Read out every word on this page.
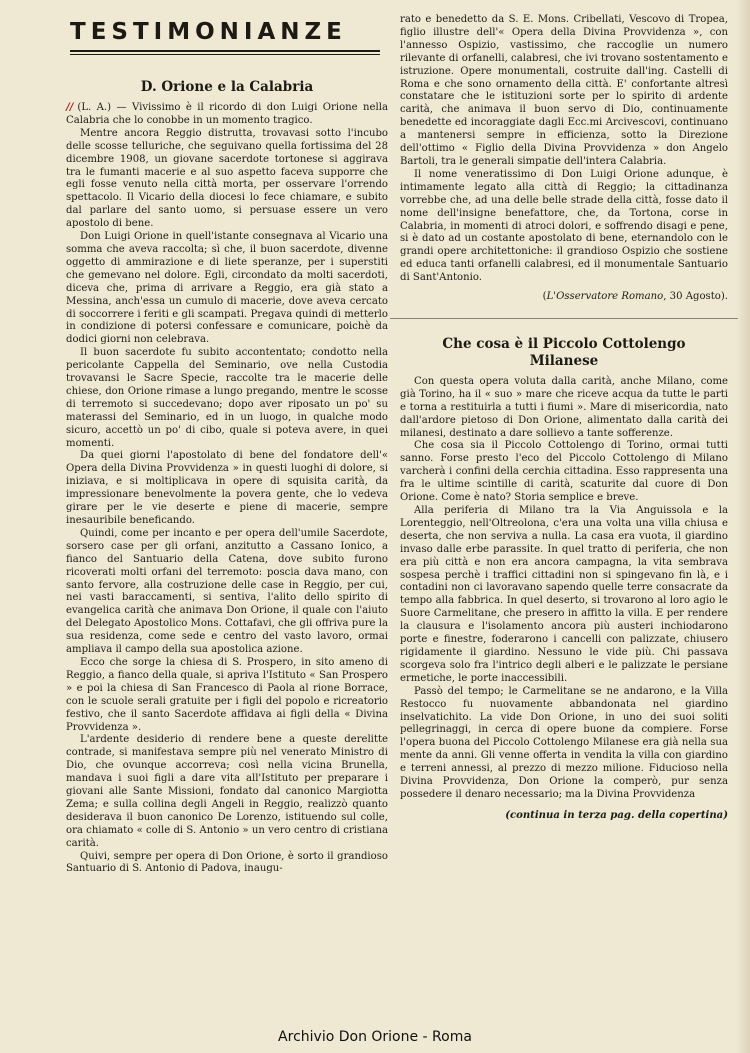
TESTIMONIANZE
D. Orione e la Calabria

// (L. A.) — Vivissimo è il ricordo di don Luigi Orione nella Calabria che lo conobbe in un momento tragico.

Mentre ancora Reggio distrutta, trovavasi sotto l'incubo delle scosse telluriche, che seguivano quella fortissima del 28 dicembre 1908, un giovane sacerdote tortonese si aggirava tra le fumanti macerie e al suo aspetto faceva supporre che egli fosse venuto nella città morta, per osservare l'orrendo spettacolo. Il Vicario della diocesi lo fece chiamare, e subito dal parlare del santo uomo, si persuase essere un vero apostolo di bene.

Don Luigi Orione in quell'istante consegnava al Vicario una somma che aveva raccolta; sì che, il buon sacerdote, divenne oggetto di ammirazione e di liete speranze, per i superstiti che gemevano nel dolore. Egli, circondato da molti sacerdoti, diceva che, prima di arrivare a Reggio, era già stato a Messina, anch'essa un cumulo di macerie, dove aveva cercato di soccorrere i feriti e gli scampati. Pregava quindi di metterlo in condizione di potersi confessare e comunicare, poichè da dodici giorni non celebrava.

Il buon sacerdote fu subito accontentato; condotto nella pericolante Cappella del Seminario, ove nella Custodia trovavansi le Sacre Specie, raccolte tra le macerie delle chiese, don Orione rimase a lungo pregando, mentre le scosse di terremoto si succedevano; dopo aver riposato un po' su materassi del Seminario, ed in un luogo, in qualche modo sicuro, accettò un po' di cibo, quale si poteva avere, in quei momenti.

Da quei giorni l'apostolato di bene del fondatore dell'« Opera della Divina Provvidenza » in questi luoghi di dolore, si iniziava, e si moltiplicava in opere di squisita carità, da impressionare benevolmente la povera gente, che lo vedeva girare per le vie deserte e piene di macerie, sempre inesauribile beneficando.

Quindi, come per incanto e per opera dell'umile Sacerdote, sorsero case per gli orfani, anzitutto a Cassano Ionico, a fianco del Santuario della Catena, dove subito furono ricoverati molti orfani del terremoto: poscia dava mano, con santo fervore, alla costruzione delle case in Reggio, per cui, nei vasti baraccamenti, si sentiva, l'alito dello spirito di evangelica carità che animava Don Orione, il quale con l'aiuto del Delegato Apostolico Mons. Cottafavi, che gli offriva pure la sua residenza, come sede e centro del vasto lavoro, ormai ampliava il campo della sua apostolica azione.

Ecco che sorge la chiesa di S. Prospero, in sito ameno di Reggio, a fianco della quale, si apriva l'Istituto « San Prospero » e poi la chiesa di San Francesco di Paola al rione Borrace, con le scuole serali gratuite per i figli del popolo e ricreatorio festivo, che il santo Sacerdote affidava ai figli della « Divina Provvidenza ».

L'ardente desiderio di rendere bene a queste derelitte contrade, si manifestava sempre più nel venerato Ministro di Dio, che ovunque accorreva; così nella vicina Brunella, mandava i suoi figli a dare vita all'Istituto per preparare i giovani alle Sante Missioni, fondato dal canonico Margiotta Zema; e sulla collina degli Angeli in Reggio, realizzò quanto desiderava il buon canonico De Lorenzo, istituendo sul colle, ora chiamato « colle di S. Antonio » un vero centro di cristiana carità.

Quivi, sempre per opera di Don Orione, è sorto il grandioso Santuario di S. Antonio di Padova, inaugu-

rato e benedetto da S. E. Mons. Cribellati, Vescovo di Tropea, figlio illustre dell'« Opera della Divina Provvidenza », con l'annesso Ospizio, vastissimo, che raccoglie un numero rilevante di orfanelli, calabresi, che ivi trovano sostentamento e istruzione. Opere monumentali, costruite dall'ing. Castelli di Roma e che sono ornamento della città. E' confortante altresì constatare che le istituzioni sorte per lo spirito di ardente carità, che animava il buon servo di Dio, continuamente benedette ed incoraggiate dagli Ecc.mi Arcivescovi, continuano a mantenersi sempre in efficienza, sotto la Direzione dell'ottimo « Figlio della Divina Provvidenza » don Angelo Bartoli, tra le generali simpatie dell'intera Calabria.

Il nome veneratissimo di Don Luigi Orione adunque, è intimamente legato alla città di Reggio; la cittadinanza vorrebbe che, ad una delle belle strade della città, fosse dato il nome dell'insigne benefattore, che, da Tortona, corse in Calabria, in momenti di atroci dolori, e soffrendo disagi e pene, si è dato ad un costante apostolato di bene, eternandolo con le grandi opere architettoniche: il grandioso Ospizio che sostiene ed educa tanti orfanelli calabresi, ed il monumentale Santuario di Sant'Antonio.

(L'Osservatore Romano, 30 Agosto).

Che cosa è il Piccolo Cottolengo
Milanese

Con questa opera voluta dalla carità, anche Milano, come già Torino, ha il « suo » mare che riceve acqua da tutte le parti e torna a restituirla a tutti i fiumi ». Mare di misericordia, nato dall'ardore pietoso di Don Orione, alimentato dalla carità dei milanesi, destinato a dare sollievo a tante sofferenze.

Che cosa sia il Piccolo Cottolengo di Torino, ormai tutti sanno. Forse presto l'eco del Piccolo Cottolengo di Milano varcherà i confini della cerchia cittadina. Esso rappresenta una fra le ultime scintille di carità, scaturite dal cuore di Don Orione. Come è nato? Storia semplice e breve.

Alla periferia di Milano tra la Via Anguissola e la Lorenteggio, nell'Oltreolona, c'era una volta una villa chiusa e deserta, che non serviva a nulla. La casa era vuota, il giardino invaso dalle erbe parassite. In quel tratto di periferia, che non era più città e non era ancora campagna, la vita sembrava sospesa perchè i traffici cittadini non si spingevano fin là, e i contadini non ci lavoravano sapendo quelle terre consacrate da tempo alla fabbrica. In quel deserto, si trovarono al loro agio le Suore Carmelitane, che presero in affitto la villa. E per rendere la clausura e l'isolamento ancora più austeri inchiodarono porte e finestre, foderarono i cancelli con palizzate, chiusero rigidamente il giardino. Nessuno le vide più. Chi passava scorgeva solo fra l'intrico degli alberi e le palizzate le persiane ermetiche, le porte inaccessibili.

Passò del tempo; le Carmelitane se ne andarono, e la Villa Restocco fu nuovamente abbandonata nel giardino inselvatichito. La vide Don Orione, in uno dei suoi soliti pellegrinaggi, in cerca di opere buone da compiere. Forse l'opera buona del Piccolo Cottolengo Milanese era già nella sua mente da anni. Gli venne offerta in vendita la villa con giardino e terreni annessi, al prezzo di mezzo milione. Fiducioso nella Divina Provvidenza, Don Orione la comperò, pur senza possedere il denaro necessario; ma la Divina Provvidenza

(continua in terza pag. della copertina)

Archivio Don Orione - Roma
